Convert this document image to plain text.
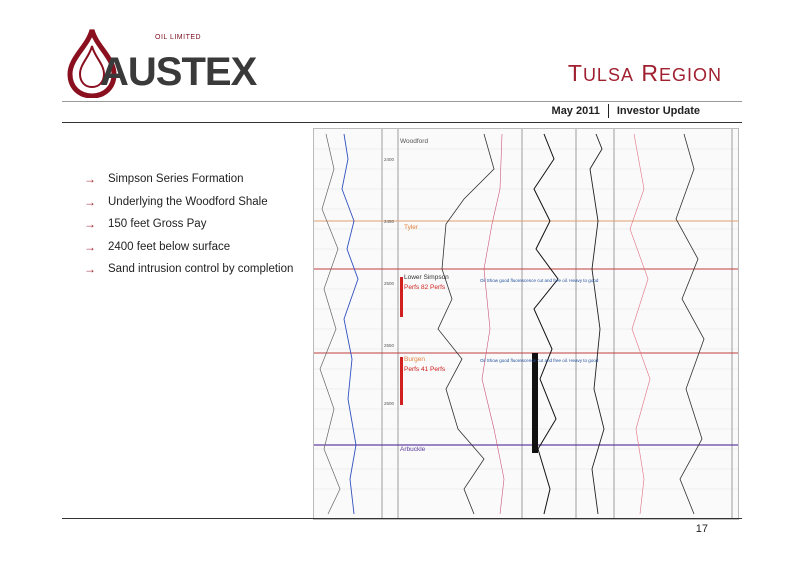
OIL LIMITED
AUSTEX	TULSA REGION
May 2011 Investor Update
→	Simpson Series Formation
→	Underlying the Woodford Shale
→	150 feet Gross Pay
→	2400 feet below surface
→	Sand intrusion control by completion
Woodford
Tyler
Lower Simpson
Perfs 82 Perfs
Burgen
Perfs 41 Perfs
Arbuckle
Oil Show good fluorescence cut and free oil. Heavy to good
Oil Show good fluorescence cut and free oil. Heavy to good
2400
2450
2500
2550
2600
17
